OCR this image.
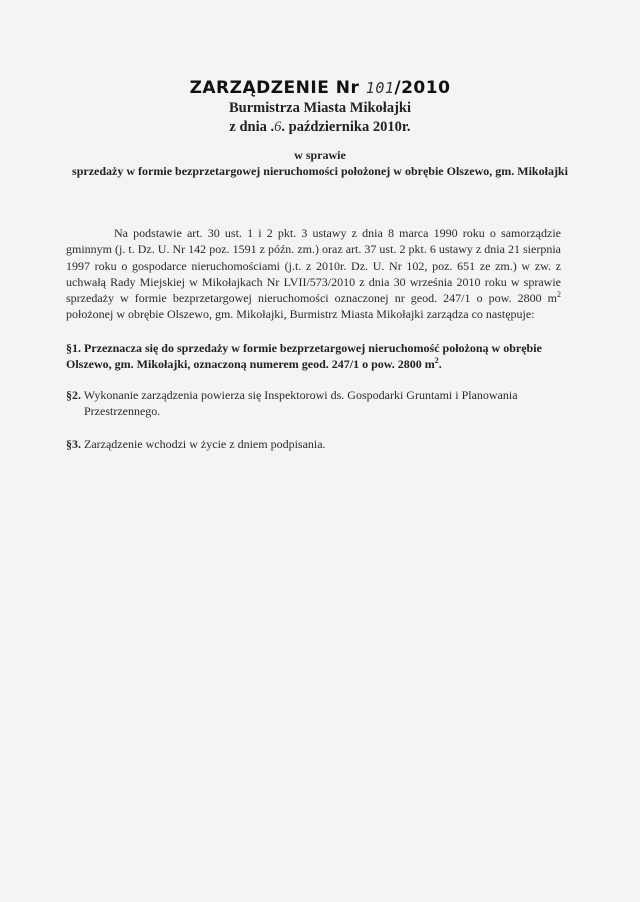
ZARZĄDZENIE Nr 101/2010
Burmistrza Miasta Mikołajki
z dnia .6. października 2010r.
w sprawie
sprzedaży w formie bezprzetargowej nieruchomości położonej w obrębie Olszewo, gm. Mikołajki
Na podstawie art. 30 ust. 1 i 2 pkt. 3 ustawy z dnia 8 marca 1990 roku o samorządzie gminnym (j. t. Dz. U. Nr 142 poz. 1591 z późn. zm.) oraz art. 37 ust. 2 pkt. 6 ustawy z dnia 21 sierpnia 1997 roku o gospodarce nieruchomościami (j.t. z 2010r. Dz. U. Nr 102, poz. 651 ze zm.) w zw. z uchwałą Rady Miejskiej w Mikołajkach Nr LVII/573/2010 z dnia 30 września 2010 roku w sprawie sprzedaży w formie bezprzetargowej nieruchomości oznaczonej nr geod. 247/1 o pow. 2800 $m^2$ położonej w obrębie Olszewo, gm. Mikołajki, Burmistrz Miasta Mikołajki zarządza co następuje:
§1. Przeznacza się do sprzedaży w formie bezprzetargowej nieruchomość położoną w obrębie Olszewo, gm. Mikołajki, oznaczoną numerem geod. 247/1 o pow. 2800 $m^2$.
§2. Wykonanie zarządzenia powierza się Inspektorowi ds. Gospodarki Gruntami i Planowania
Przestrzennego.
§3. Zarządzenie wchodzi w życie z dniem podpisania.
